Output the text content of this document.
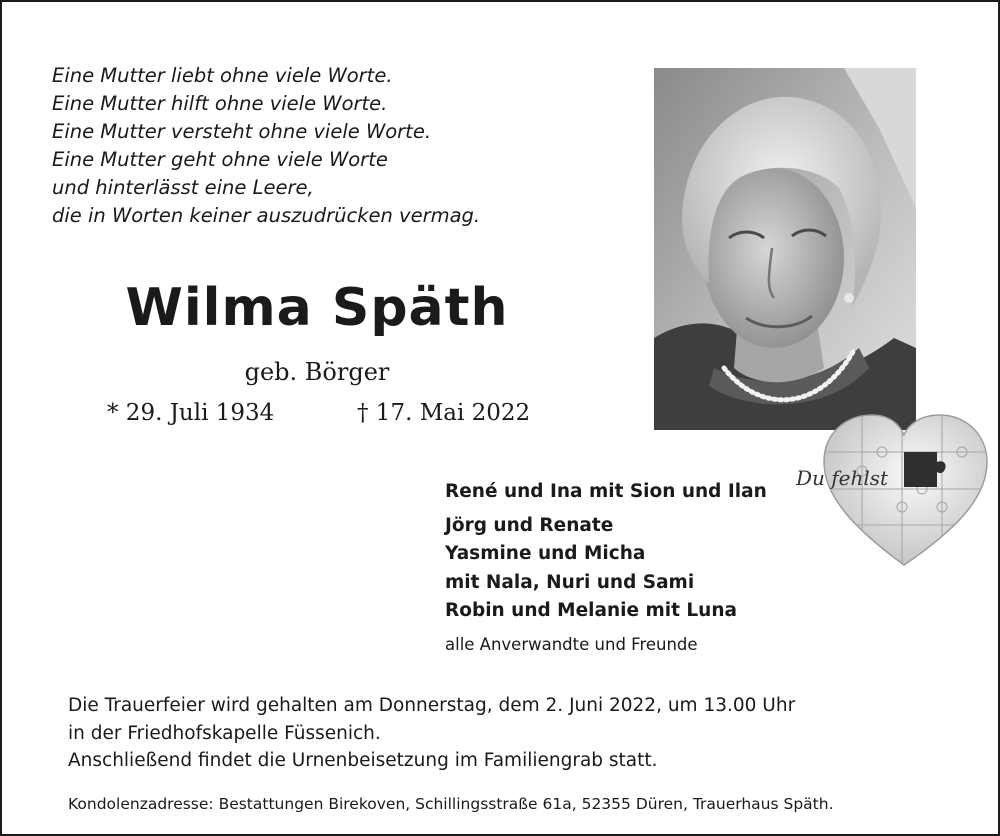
Eine Mutter liebt ohne viele Worte.
Eine Mutter hilft ohne viele Worte.
Eine Mutter versteht ohne viele Worte.
Eine Mutter geht ohne viele Worte
und hinterlässt eine Leere,
die in Worten keiner auszudrücken vermag.
Wilma Späth
geb. Börger
* 29. Juli 1934	† 17. Mai 2022
Du fehlst
René und Ina mit Sion und Ilan
Jörg und Renate
Yasmine und Micha
mit Nala, Nuri und Sami
Robin und Melanie mit Luna
alle Anverwandte und Freunde
Die Trauerfeier wird gehalten am Donnerstag, dem 2. Juni 2022, um 13.00 Uhr
in der Friedhofskapelle Füssenich.
Anschließend findet die Urnenbeisetzung im Familiengrab statt.
Kondolenzadresse: Bestattungen Birekoven, Schillingsstraße 61a, 52355 Düren, Trauerhaus Späth.
